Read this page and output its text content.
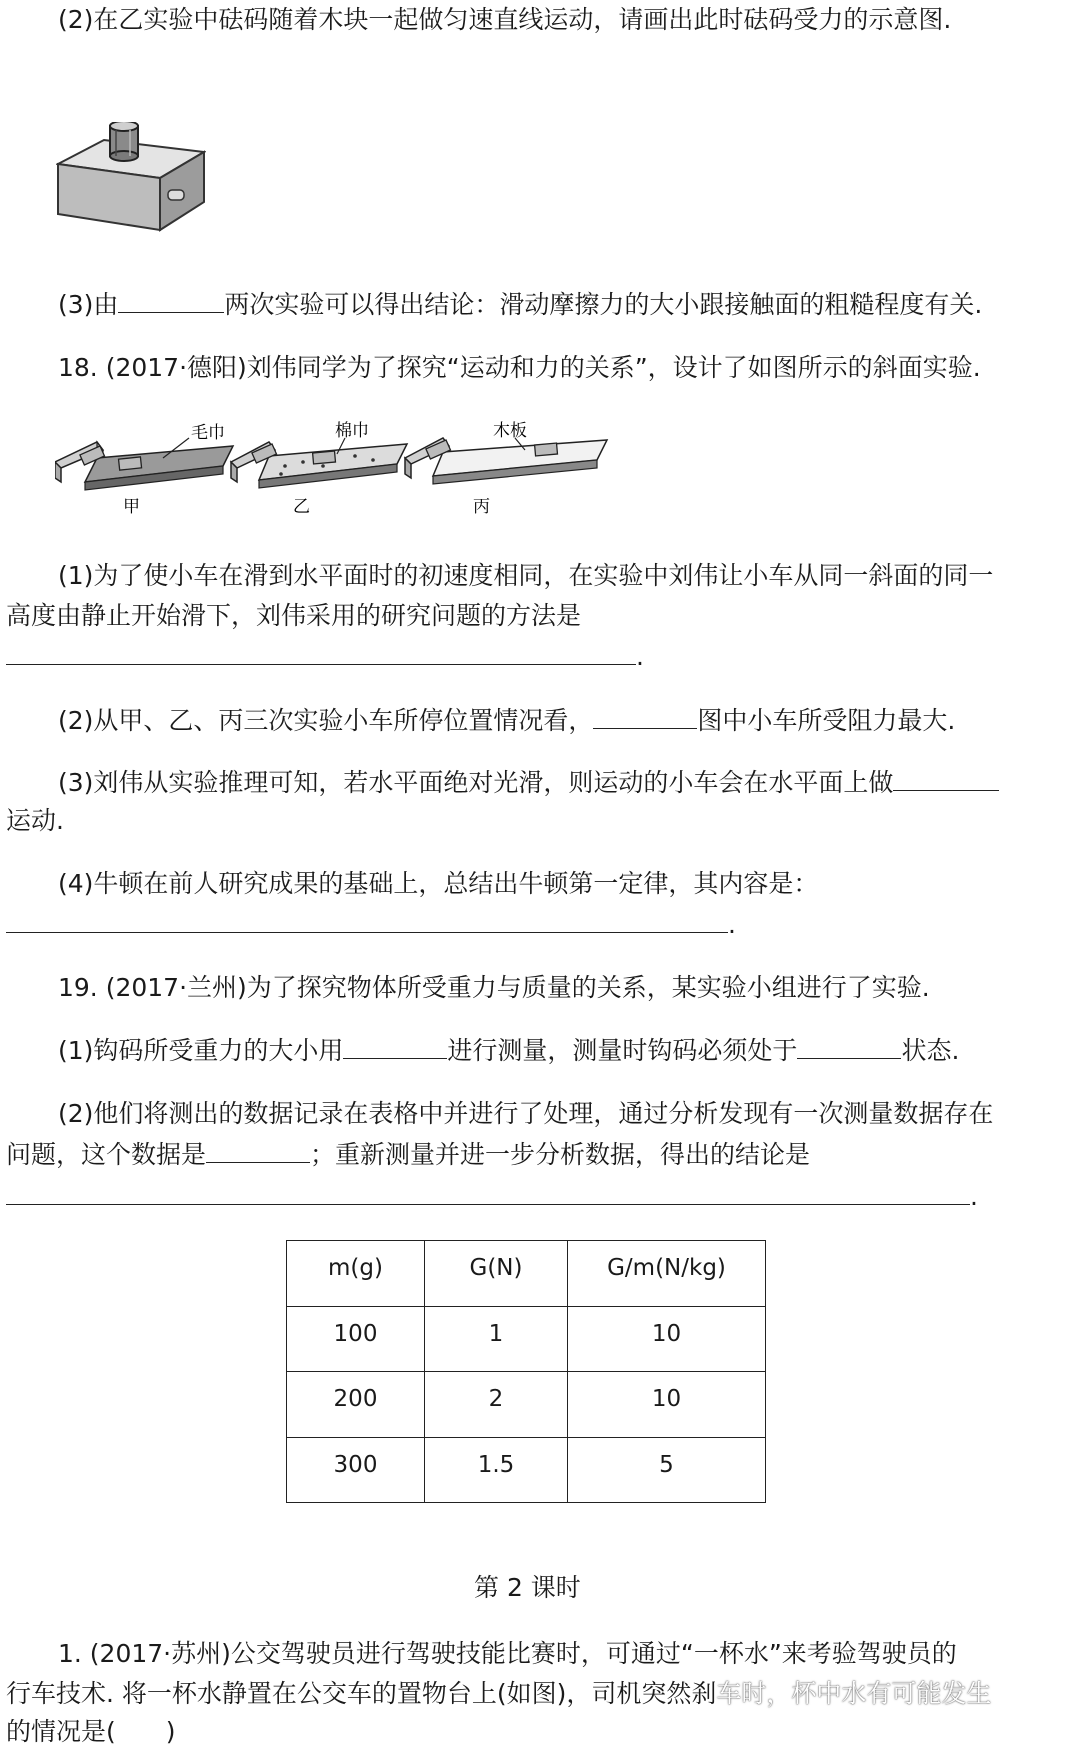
(2)在乙实验中砝码随着木块一起做匀速直线运动，请画出此时砝码受力的示意图.
(3)由	两次实验可以得出结论：滑动摩擦力的大小跟接触面的粗糙程度有关.
18. (2017·德阳)刘伟同学为了探究“运动和力的关系”，设计了如图所示的斜面实验.
毛巾
甲
棉巾
乙
木板
丙
(1)为了使小车在滑到水平面时的初速度相同，在实验中刘伟让小车从同一斜面的同一
高度由静止开始滑下，刘伟采用的研究问题的方法是
.
(2)从甲、乙、丙三次实验小车所停位置情况看，	图中小车所受阻力最大.
(3)刘伟从实验推理可知，若水平面绝对光滑，则运动的小车会在水平面上做
运动.
(4)牛顿在前人研究成果的基础上，总结出牛顿第一定律，其内容是：
.
19. (2017·兰州)为了探究物体所受重力与质量的关系，某实验小组进行了实验.
(1)钩码所受重力的大小用	进行测量，测量时钩码必须处于	状态.
(2)他们将测出的数据记录在表格中并进行了处理，通过分析发现有一次测量数据存在
问题，这个数据是	；重新测量并进一步分析数据，得出的结论是
.
m(g)	G(N)	G/m(N/kg)
100	1	10
200	2	10
300	1.5	5
第 2 课时
1. (2017·苏州)公交驾驶员进行驾驶技能比赛时，可通过“一杯水”来考验驾驶员的
行车技术. 将一杯水静置在公交车的置物台上(如图)，司机突然刹车时，杯中水有可能发生
的情况是(　　)
